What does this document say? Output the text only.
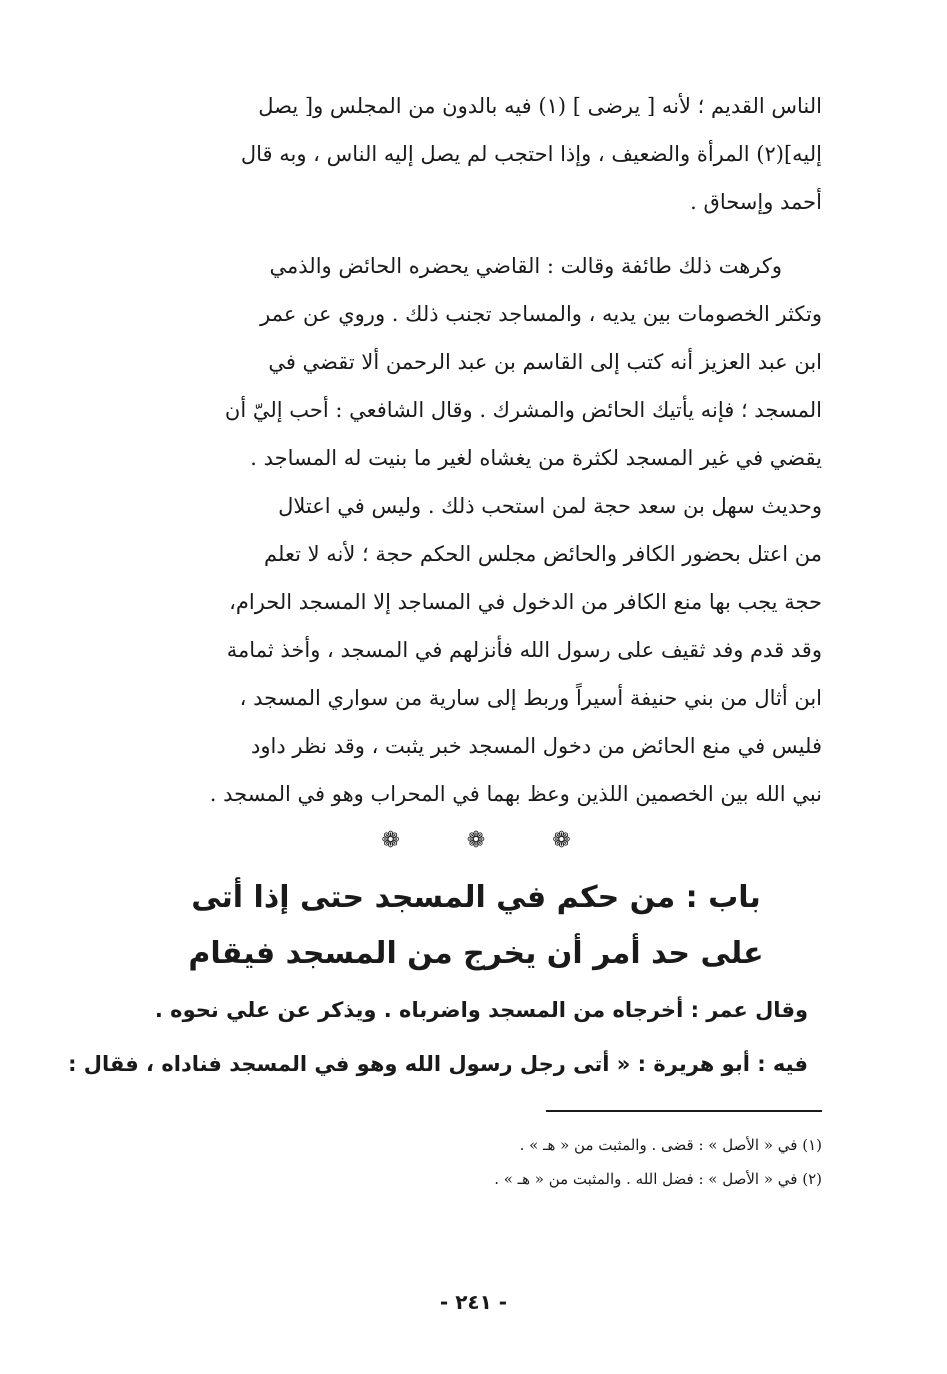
الناس القديم ؛ لأنه [ يرضى ] (١) فيه بالدون من المجلس و[ يصل
إليه](٢) المرأة والضعيف ، وإذا احتجب لم يصل إليه الناس ، وبه قال
أحمد وإسحاق .

وكرهت ذلك طائفة وقالت : القاضي يحضره الحائض والذمي
وتكثر الخصومات بين يديه ، والمساجد تجنب ذلك . وروي عن عمر
ابن عبد العزيز أنه كتب إلى القاسم بن عبد الرحمن ألا تقضي في
المسجد ؛ فإنه يأتيك الحائض والمشرك . وقال الشافعي : أحب إليّ أن
يقضي في غير المسجد لكثرة من يغشاه لغير ما بنيت له المساجد .
وحديث سهل بن سعد حجة لمن استحب ذلك . وليس في اعتلال
من اعتل بحضور الكافر والحائض مجلس الحكم حجة ؛ لأنه لا تعلم
حجة يجب بها منع الكافر من الدخول في المساجد إلا المسجد الحرام،
وقد قدم وفد ثقيف على رسول الله فأنزلهم في المسجد ، وأخذ ثمامة
ابن أثال من بني حنيفة أسيراً وربط إلى سارية من سواري المسجد ،
فليس في منع الحائض من دخول المسجد خبر يثبت ، وقد نظر داود
نبي الله بين الخصمين اللذين وعظ بهما في المحراب وهو في المسجد .

❁ ❁ ❁
باب : من حكم في المسجد حتى إذا أتى
على حد أمر أن يخرج من المسجد فيقام
وقال عمر : أخرجاه من المسجد واضرباه . ويذكر عن علي نحوه .
فيه : أبو هريرة : « أتى رجل رسول الله وهو في المسجد فناداه ، فقال :
(١) في « الأصل » : قضى . والمثبت من « هـ » .
(٢) في « الأصل » : فضل الله . والمثبت من « هـ » .
- ٢٤١ -
